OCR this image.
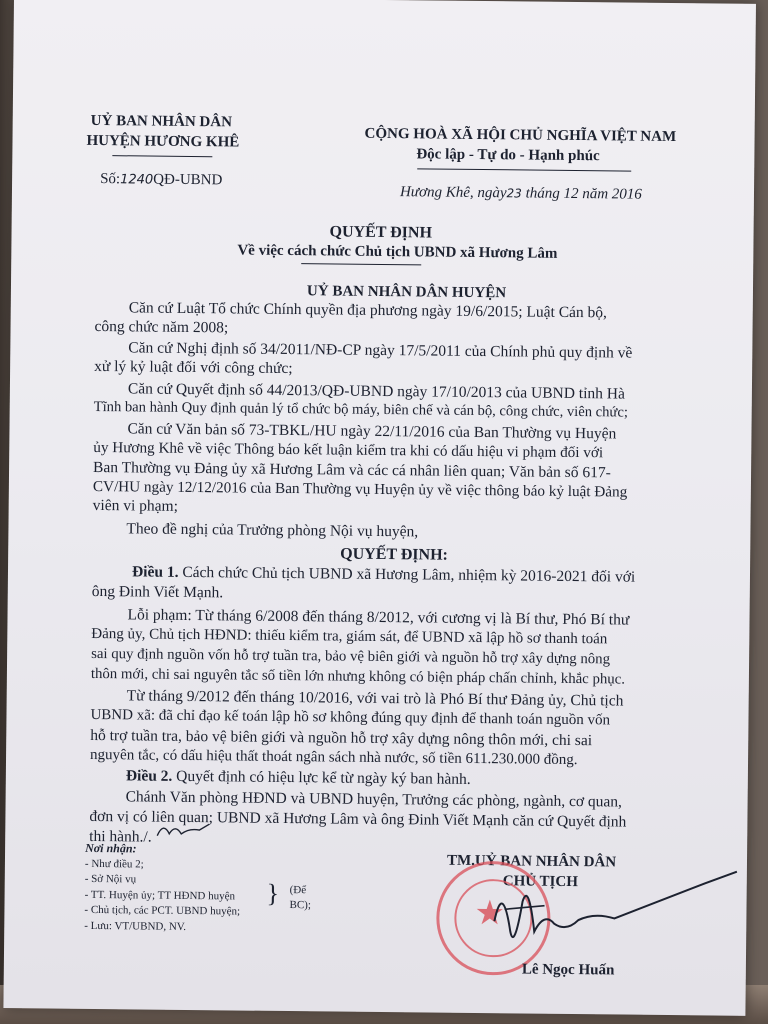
UỶ BAN NHÂN DÂN
HUYỆN HƯƠNG KHÊ
Số:1240QĐ-UBND
CỘNG HOÀ XÃ HỘI CHỦ NGHĨA VIỆT NAM
Độc lập - Tự do - Hạnh phúc
Hương Khê, ngày23 tháng 12 năm 2016
QUYẾT ĐỊNH
Về việc cách chức Chủ tịch UBND xã Hương Lâm
UỶ BAN NHÂN DÂN HUYỆN
Căn cứ Luật Tổ chức Chính quyền địa phương ngày 19/6/2015; Luật Cán bộ,
công chức năm 2008;
Căn cứ Nghị định số 34/2011/NĐ-CP ngày 17/5/2011 của Chính phủ quy định về
xử lý kỷ luật đối với công chức;
Căn cứ Quyết định số 44/2013/QĐ-UBND ngày 17/10/2013 của UBND tỉnh Hà
Tĩnh ban hành Quy định quản lý tổ chức bộ máy, biên chế và cán bộ, công chức, viên chức;
Căn cứ Văn bản số 73-TBKL/HU ngày 22/11/2016 của Ban Thường vụ Huyện
ủy Hương Khê về việc Thông báo kết luận kiểm tra khi có dấu hiệu vi phạm đối với
Ban Thường vụ Đảng ủy xã Hương Lâm và các cá nhân liên quan; Văn bản số 617-
CV/HU ngày 12/12/2016 của Ban Thường vụ Huyện ủy về việc thông báo kỷ luật Đảng
viên vi phạm;
Theo đề nghị của Trưởng phòng Nội vụ huyện,
QUYẾT ĐỊNH:
Điều 1. Cách chức Chủ tịch UBND xã Hương Lâm, nhiệm kỳ 2016-2021 đối với
ông Đinh Viết Mạnh.
Lỗi phạm: Từ tháng 6/2008 đến tháng 8/2012, với cương vị là Bí thư, Phó Bí thư
Đảng ủy, Chủ tịch HĐND: thiếu kiểm tra, giám sát, để UBND xã lập hồ sơ thanh toán
sai quy định nguồn vốn hỗ trợ tuần tra, bảo vệ biên giới và nguồn hỗ trợ xây dựng nông
thôn mới, chi sai nguyên tắc số tiền lớn nhưng không có biện pháp chấn chỉnh, khắc phục.
Từ tháng 9/2012 đến tháng 10/2016, với vai trò là Phó Bí thư Đảng ủy, Chủ tịch
UBND xã: đã chỉ đạo kế toán lập hồ sơ không đúng quy định để thanh toán nguồn vốn
hỗ trợ tuần tra, bảo vệ biên giới và nguồn hỗ trợ xây dựng nông thôn mới, chi sai
nguyên tắc, có dấu hiệu thất thoát ngân sách nhà nước, số tiền 611.230.000 đồng.
Điều 2. Quyết định có hiệu lực kể từ ngày ký ban hành.
Chánh Văn phòng HĐND và UBND huyện, Trưởng các phòng, ngành, cơ quan,
đơn vị có liên quan; UBND xã Hương Lâm và ông Đinh Viết Mạnh căn cứ Quyết định
thi hành./.
Nơi nhận:
- Như điều 2;
- Sở Nội vụ
- TT. Huyện ủy; TT HĐND huyện
- Chủ tịch, các PCT. UBND huyện;
- Lưu: VT/UBND, NV.
} (Để
BC);
TM.UỶ BAN NHÂN DÂN
CHỦ TỊCH
★
Lê Ngọc Huấn
